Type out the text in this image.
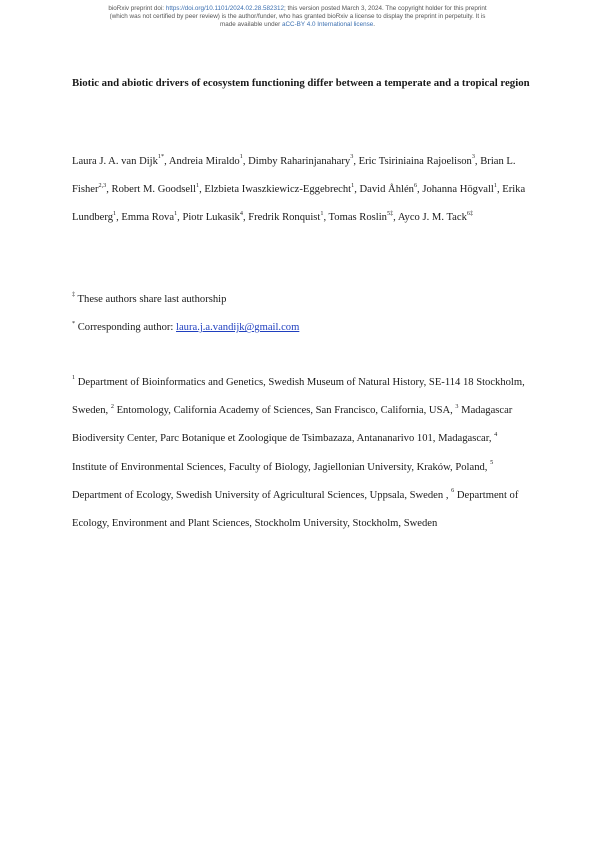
bioRxiv preprint doi: https://doi.org/10.1101/2024.02.28.582312; this version posted March 3, 2024. The copyright holder for this preprint
(which was not certified by peer review) is the author/funder, who has granted bioRxiv a license to display the preprint in perpetuity. It is
made available under aCC-BY 4.0 International license.
Biotic and abiotic drivers of ecosystem functioning differ between a temperate and a tropical region

Laura J. A. van Dijk$^{1*}$, Andreia Miraldo$^1$, Dimby Raharinjanahary$^3$, Eric Tsiriniaina Rajoelison$^3$, Brian L. Fisher$^{2,3}$, Robert M. Goodsell$^1$, Elzbieta Iwaszkiewicz-Eggebrecht$^1$, David Åhlén$^6$, Johanna Högvall$^1$, Erika Lundberg$^1$, Emma Rova$^1$, Piotr Lukasik$^4$, Fredrik Ronquist$^1$, Tomas Roslin$^{5\ddagger}$, Ayco J. M. Tack$^{6\ddagger}$

‡ These authors share last authorship
* Corresponding author: laura.j.a.vandijk@gmail.com

$^1$ Department of Bioinformatics and Genetics, Swedish Museum of Natural History, SE-114 18 Stockholm, Sweden, $^2$ Entomology, California Academy of Sciences, San Francisco, California, USA, $^3$ Madagascar Biodiversity Center, Parc Botanique et Zoologique de Tsimbazaza, Antananarivo 101, Madagascar, $^4$ Institute of Environmental Sciences, Faculty of Biology, Jagiellonian University, Kraków, Poland, $^5$ Department of Ecology, Swedish University of Agricultural Sciences, Uppsala, Sweden , $^6$ Department of Ecology, Environment and Plant Sciences, Stockholm University, Stockholm, Sweden
